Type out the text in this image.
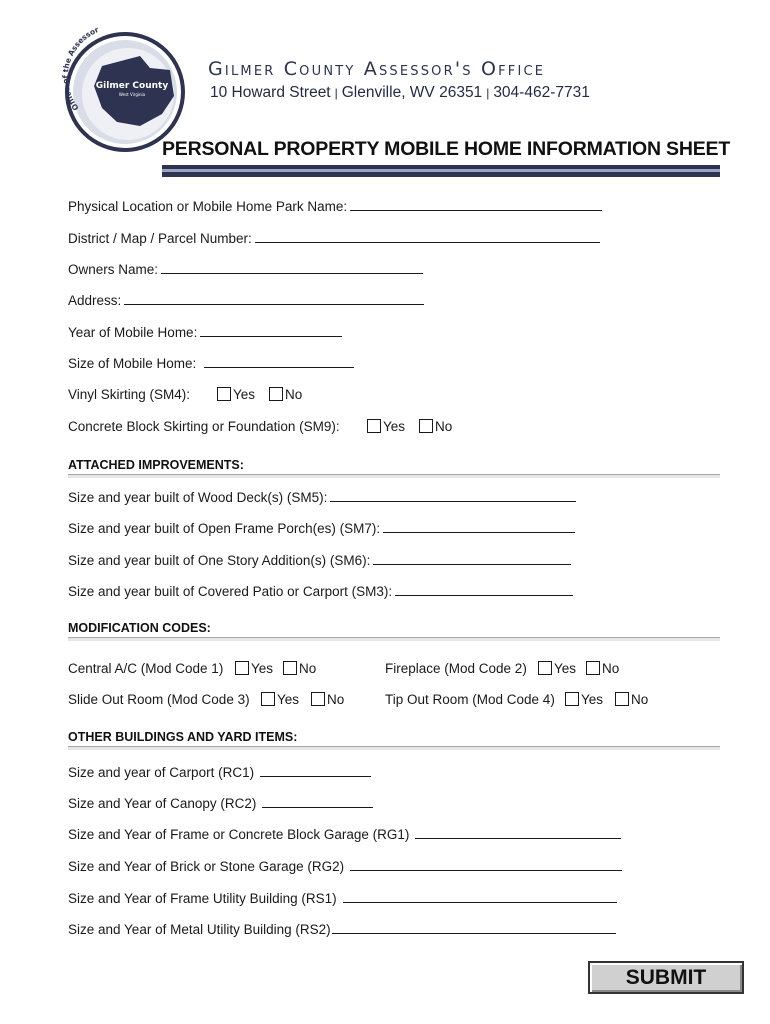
Office he Assessor
Gilmer County
West Virginia
Gilmer County Assessor's Office
10 Howard Street | Glenville, WV 26351 | 304-462-7731
PERSONAL PROPERTY MOBILE HOME INFORMATION SHEET
Physical Location or Mobile Home Park Name:
District / Map / Parcel Number:
Owners Name:
Address:
Year of Mobile Home:
Size of Mobile Home:
Vinyl Skirting (SM4):	Yes	No
Concrete Block Skirting or Foundation (SM9):	Yes	No
ATTACHED IMPROVEMENTS:
Size and year built of Wood Deck(s) (SM5):
Size and year built of Open Frame Porch(es) (SM7):
Size and year built of One Story Addition(s) (SM6):
Size and year built of Covered Patio or Carport (SM3):
MODIFICATION CODES:
Central A/C (Mod Code 1)	Yes	No	Fireplace (Mod Code 2)	Yes	No
Slide Out Room (Mod Code 3)	Yes	No	Tip Out Room (Mod Code 4)	Yes	No
OTHER BUILDINGS AND YARD ITEMS:
Size and year of Carport (RC1)
Size and Year of Canopy (RC2)
Size and Year of Frame or Concrete Block Garage (RG1)
Size and Year of Brick or Stone Garage (RG2)
Size and Year of Frame Utility Building (RS1)
Size and Year of Metal Utility Building (RS2)
SUBMIT
